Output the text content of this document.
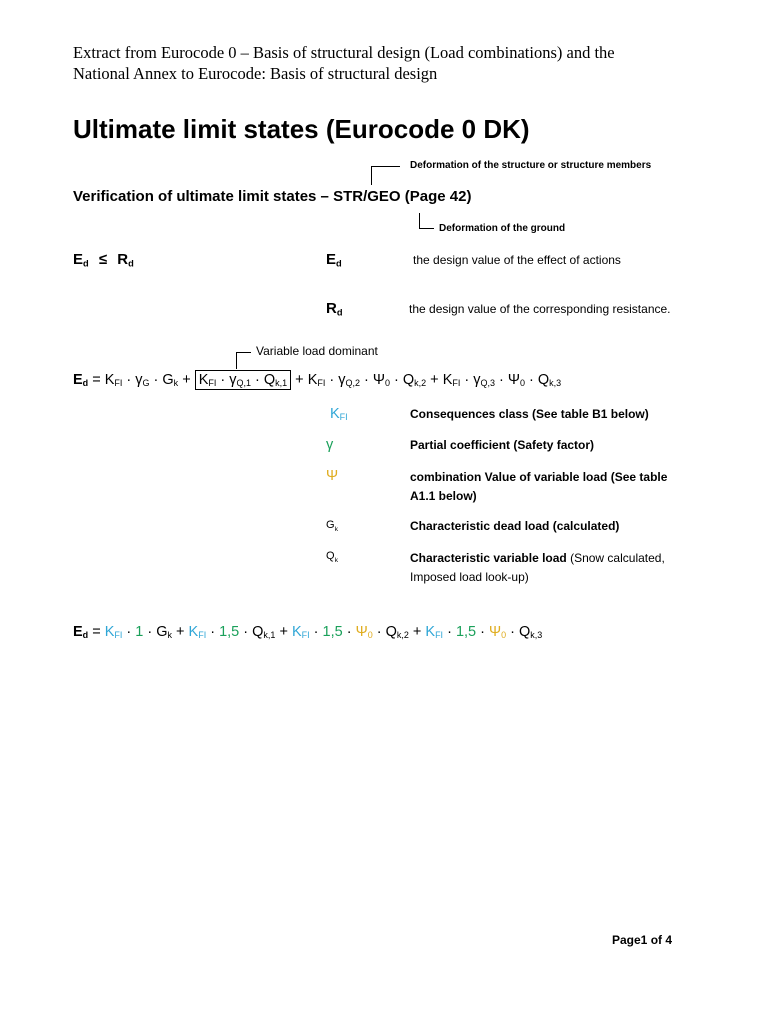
Extract from Eurocode 0 – Basis of structural design (Load combinations) and the
National Annex to Eurocode: Basis of structural design
Ultimate limit states (Eurocode 0 DK)
Deformation of the structure or structure members
Verification of ultimate limit states – STR/GEO (Page 42)
Deformation of the ground
$E_d \le R_d$	$E_d$	the design value of the effect of actions
$R_d$	the design value of the corresponding resistance.
Variable load dominant
$E_d = K_{FI} \cdot \gamma_G \cdot G_k + K_{FI} \cdot \gamma_{Q,1} \cdot Q_{k,1} + K_{FI} \cdot \gamma_{Q,2} \cdot \Psi_0 \cdot Q_{k,2} + K_{FI} \cdot \gamma_{Q,3} \cdot \Psi_0 \cdot Q_{k,3}$
$K_{FI}$	Consequences class (See table B1 below)
γ	Partial coefficient (Safety factor)
Ψ	combination Value of variable load (See table
A1.1 below)
$G_k$	Characteristic dead load (calculated)
$Q_k$	Characteristic variable load (Snow calculated,
Imposed load look-up)
$E_d = K_{FI} \cdot 1 \cdot G_k + K_{FI} \cdot 1,5 \cdot Q_{k,1} + K_{FI} \cdot 1,5 \cdot \Psi_0 \cdot Q_{k,2} + K_{FI} \cdot 1,5 \cdot \Psi_0 \cdot Q_{k,3}$
Page1 of 4
